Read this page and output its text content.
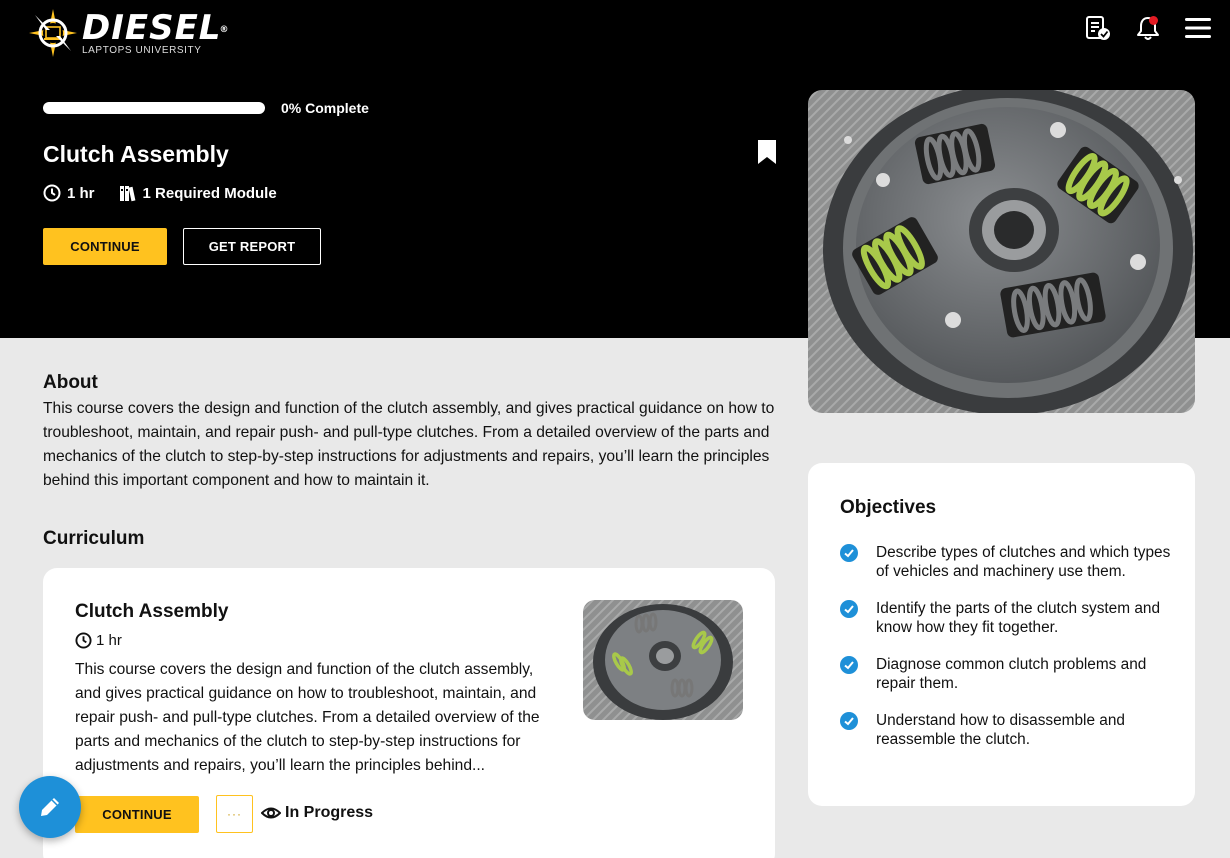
DIESEL
®
LAPTOPS UNIVERSITY
0% Complete
Clutch Assembly
1 hr	1 Required Module
CONTINUE	GET REPORT
About

This course covers the design and function of the clutch assembly, and gives practical guidance on how to troubleshoot, maintain, and repair push- and pull-type clutches. From a detailed overview of the parts and mechanics of the clutch to step-by-step instructions for adjustments and repairs, you’ll learn the principles behind this important component and how to maintain it.

Curriculum
Clutch Assembly
1 hr

This course covers the design and function of the clutch assembly, and gives practical guidance on how to troubleshoot, maintain, and repair push- and pull-type clutches. From a detailed overview of the parts and mechanics of the clutch to step-by-step instructions for adjustments and repairs, you’ll learn the principles behind...

CONTINUE	···	In Progress
Objectives
Describe types of clutches and which types of vehicles and machinery use them.
Identify the parts of the clutch system and know how they fit together.
Diagnose common clutch problems and repair them.
Understand how to disassemble and reassemble the clutch.
